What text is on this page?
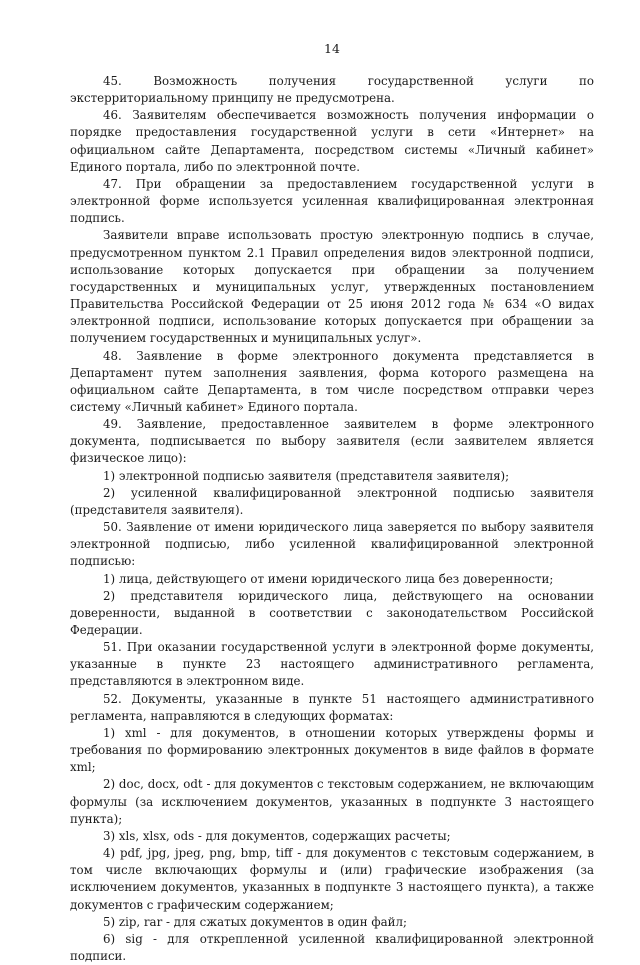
14

45. Возможность получения государственной услуги по экстерриториальному принципу не предусмотрена.

46. Заявителям обеспечивается возможность получения информации о порядке предоставления государственной услуги в сети «Интернет» на официальном сайте Департамента, посредством системы «Личный кабинет» Единого портала, либо по электронной почте.

47. При обращении за предоставлением государственной услуги в электронной форме используется усиленная квалифицированная электронная подпись.

Заявители вправе использовать простую электронную подпись в случае, предусмотренном пунктом 2.1 Правил определения видов электронной подписи, использование которых допускается при обращении за получением государственных и муниципальных услуг, утвержденных постановлением Правительства Российской Федерации от 25 июня 2012 года № 634 «О видах электронной подписи, использование которых допускается при обращении за получением государственных и муниципальных услуг».

48. Заявление в форме электронного документа представляется в Департамент путем заполнения заявления, форма которого размещена на официальном сайте Департамента, в том числе посредством отправки через систему «Личный кабинет» Единого портала.

49. Заявление, предоставленное заявителем в форме электронного документа, подписывается по выбору заявителя (если заявителем является физическое лицо):

1) электронной подписью заявителя (представителя заявителя);

2) усиленной квалифицированной электронной подписью заявителя (представителя заявителя).

50. Заявление от имени юридического лица заверяется по выбору заявителя электронной подписью, либо усиленной квалифицированной электронной подписью:

1) лица, действующего от имени юридического лица без доверенности;

2) представителя юридического лица, действующего на основании доверенности, выданной в соответствии с законодательством Российской Федерации.

51. При оказании государственной услуги в электронной форме документы, указанные в пункте 23 настоящего административного регламента, представляются в электронном виде.

52. Документы, указанные в пункте 51 настоящего административного регламента, направляются в следующих форматах:

1) xml - для документов, в отношении которых утверждены формы и требования по формированию электронных документов в виде файлов в формате xml;

2) doc, docx, odt - для документов с текстовым содержанием, не включающим формулы (за исключением документов, указанных в подпункте 3 настоящего пункта);

3) xls, xlsx, ods - для документов, содержащих расчеты;

4) pdf, jpg, jpeg, png, bmp, tiff - для документов с текстовым содержанием, в том числе включающих формулы и (или) графические изображения (за исключением документов, указанных в подпункте 3 настоящего пункта), а также документов с графическим содержанием;

5) zip, rar - для сжатых документов в один файл;

6) sig - для открепленной усиленной квалифицированной электронной подписи.
